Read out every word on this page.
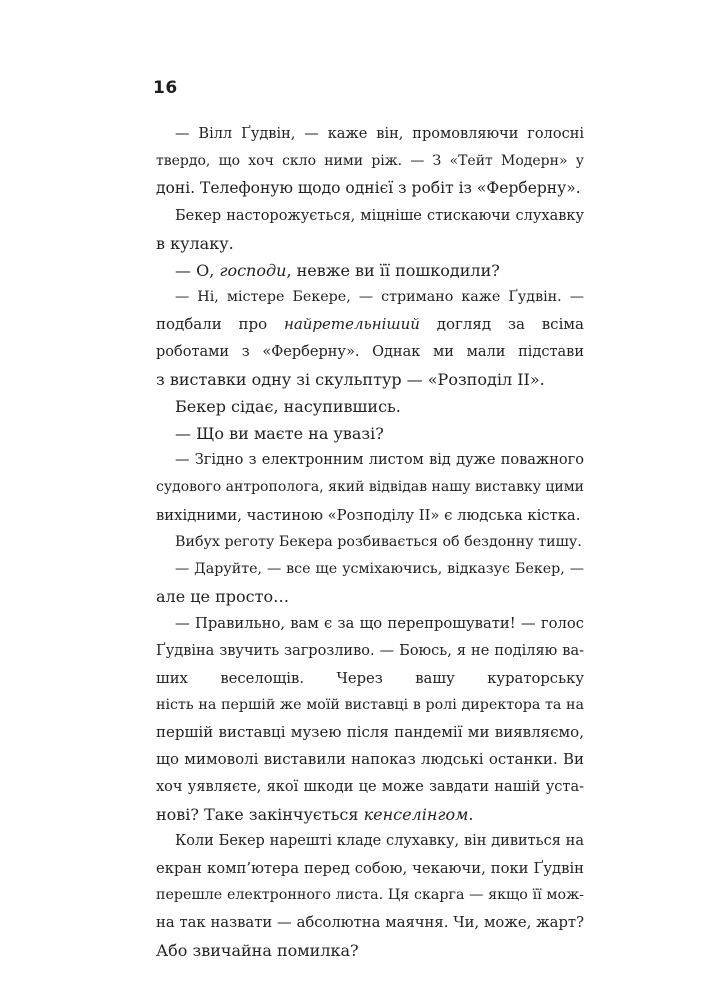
16
— Вілл Ґудвін, — каже він, промовляючи голосні
твердо, що хоч скло ними ріж. — З «Тейт Модерн» у
доні. Телефоную щодо однієї з робіт із «Ферберну».
Бекер насторожується, міцніше стискаючи слухавку
в кулаку.
— О, господи, невже ви її пошкодили?
— Ні, містере Бекере, — стримано каже Ґудвін. —
подбали про найретельніший догляд за всіма
роботами з «Ферберну». Однак ми мали підстави
з виставки одну зі скульптур — «Розподіл ІІ».
Бекер сідає, насупившись.
— Що ви маєте на увазі?
— Згідно з електронним листом від дуже поважного
судового антрополога, який відвідав нашу виставку цими
вихідними, частиною «Розподілу ІІ» є людська кістка.
Вибух реготу Бекера розбивається об бездонну тишу.
— Даруйте, — все ще усміхаючись, відказує Бекер, —
але це просто…
— Правильно, вам є за що перепрошувати! — голос
Ґудвіна звучить загрозливо. — Боюсь, я не поділяю ва-
ших веселощів. Через вашу кураторську
ність на першій же моїй виставці в ролі директора та на
першій виставці музею після пандемії ми виявляємо,
що мимоволі виставили напоказ людські останки. Ви
хоч уявляєте, якої шкоди це може завдати нашій уста-
нові? Таке закінчується кенселінгом.
Коли Бекер нарешті кладе слухавку, він дивиться на
екран комп’ютера перед собою, чекаючи, поки Ґудвін
перешле електронного листа. Ця скарга — якщо її мож-
на так назвати — абсолютна маячня. Чи, може, жарт?
Або звичайна помилка?
